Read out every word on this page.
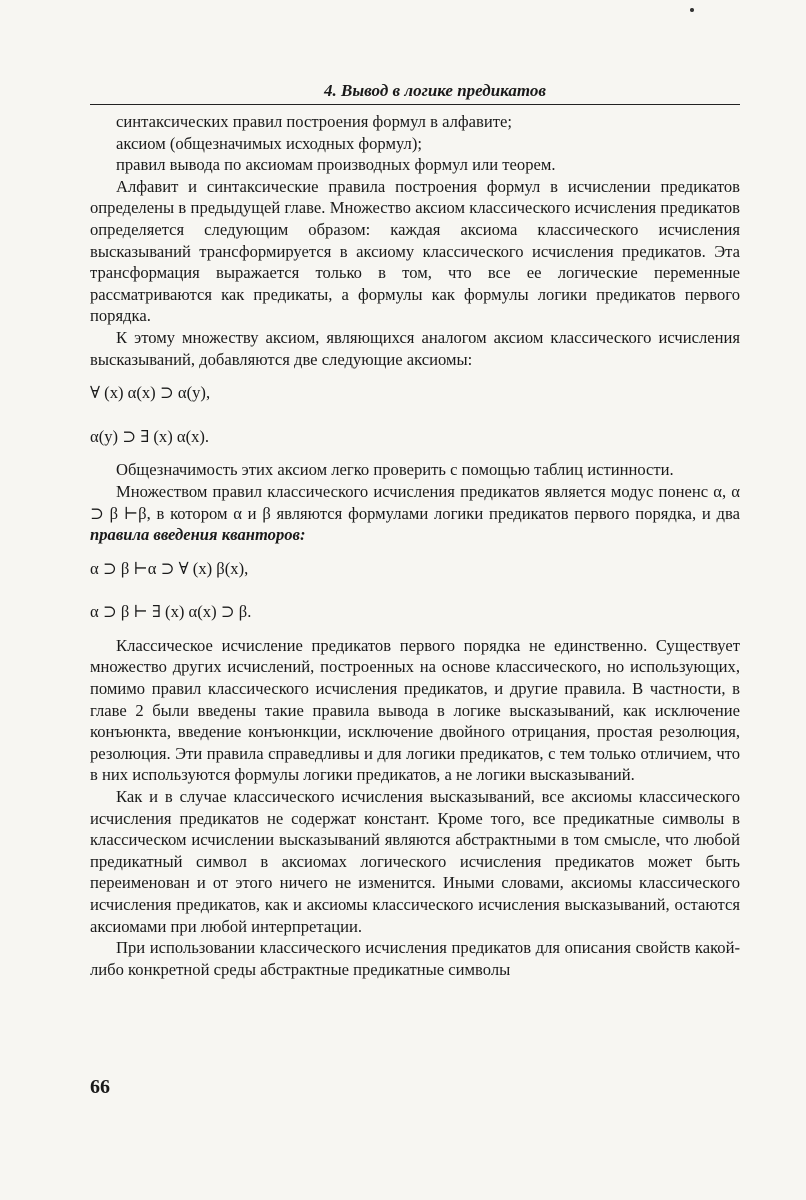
4. Вывод в логике предикатов

синтаксических правил построения формул в алфавите;

аксиом (общезначимых исходных формул);

правил вывода по аксиомам производных формул или теорем.

Алфавит и синтаксические правила построения формул в исчислении предикатов определены в предыдущей главе. Множество аксиом классического исчисления предикатов определяется следующим образом: каждая аксиома классического исчисления высказываний трансформируется в аксиому классического исчисления предикатов. Эта трансформация выражается только в том, что все ее логические переменные рассматриваются как предикаты, а формулы как формулы логики предикатов первого порядка.

К этому множеству аксиом, являющихся аналогом аксиом классического исчисления высказываний, добавляются две следующие аксиомы:

∀ (x) α(x) ⊃ α(y),

α(y) ⊃ ∃ (x) α(x).

Общезначимость этих аксиом легко проверить с помощью таблиц истинности.

Множеством правил классического исчисления предикатов является модус поненс α, α ⊃ β ⊢β, в котором α и β являются формулами логики предикатов первого порядка, и два правила введения кванторов:

α ⊃ β ⊢α ⊃ ∀ (x) β(x),

α ⊃ β ⊢ ∃ (x) α(x) ⊃ β.

Классическое исчисление предикатов первого порядка не единственно. Существует множество других исчислений, построенных на основе классического, но использующих, помимо правил классического исчисления предикатов, и другие правила. В частности, в главе 2 были введены такие правила вывода в логике высказываний, как исключение конъюнкта, введение конъюнкции, исключение двойного отрицания, простая резолюция, резолюция. Эти правила справедливы и для логики предикатов, с тем только отличием, что в них используются формулы логики предикатов, а не логики высказываний.

Как и в случае классического исчисления высказываний, все аксиомы классического исчисления предикатов не содержат констант. Кроме того, все предикатные символы в классическом исчислении высказываний являются абстрактными в том смысле, что любой предикатный символ в аксиомах логического исчисления предикатов может быть переименован и от этого ничего не изменится. Иными словами, аксиомы классического исчисления предикатов, как и аксиомы классического исчисления высказываний, остаются аксиомами при любой интерпретации.

При использовании классического исчисления предикатов для описания свойств какой-либо конкретной среды абстрактные предикатные символы

66
